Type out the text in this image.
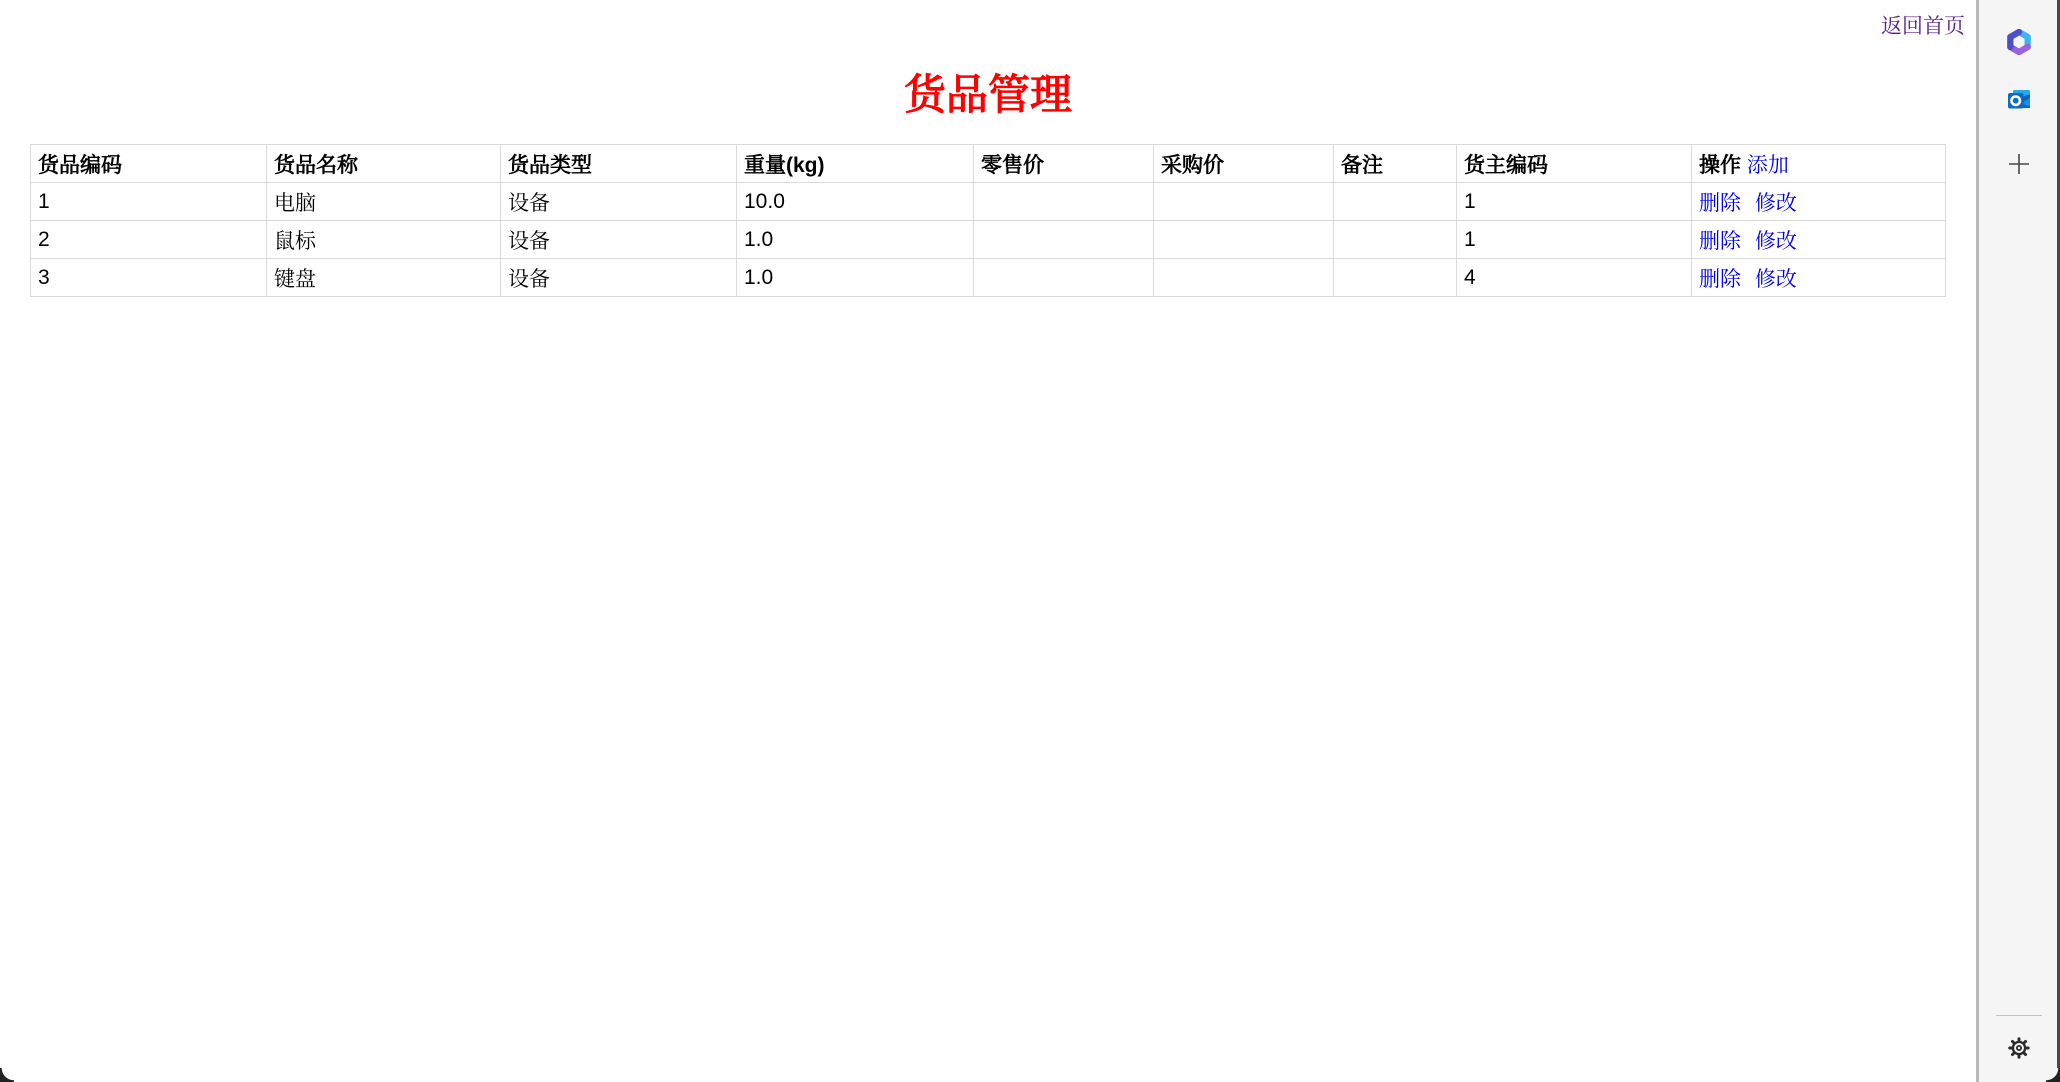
返回首页
货品管理
货品编码	货品名称	货品类型	重量(kg)	零售价	采购价	备注	货主编码	操作 添加
1	电脑	设备	10.0				1	删除 修改
2	鼠标	设备	1.0				1	删除 修改
3	键盘	设备	1.0				4	删除 修改
